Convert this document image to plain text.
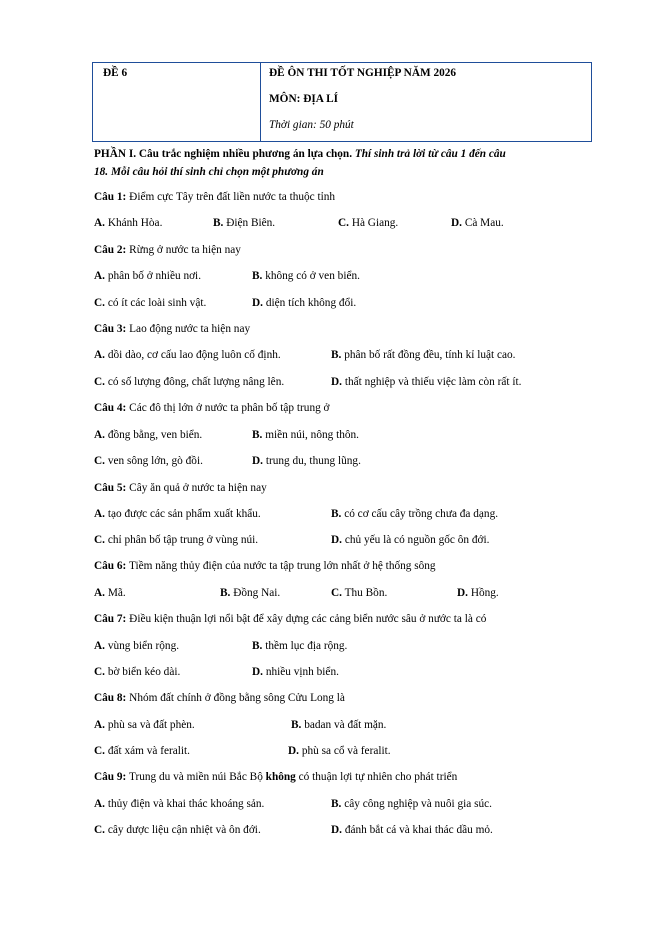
ĐỀ 6	ĐỀ ÔN THI TỐT NGHIỆP NĂM 2026
MÔN: ĐỊA LÍ
Thời gian: 50 phút
PHẦN I. Câu trắc nghiệm nhiều phương án lựa chọn. Thí sinh trả lời từ câu 1 đến câu
18. Mỗi câu hỏi thí sinh chỉ chọn một phương án
Câu 1: Điểm cực Tây trên đất liền nước ta thuộc tỉnh
A. Khánh Hòa.	B. Điện Biên.	C. Hà Giang.	D. Cà Mau.
Câu 2: Rừng ở nước ta hiện nay
A. phân bố ở nhiều nơi.	B. không có ở ven biển.
C. có ít các loài sinh vật.	D. diện tích không đổi.
Câu 3: Lao động nước ta hiện nay
A. dồi dào, cơ cấu lao động luôn cố định.	B. phân bố rất đồng đều, tính kỉ luật cao.
C. có số lượng đông, chất lượng nâng lên.	D. thất nghiệp và thiếu việc làm còn rất ít.
Câu 4: Các đô thị lớn ở nước ta phân bố tập trung ở
A. đồng bằng, ven biển.	B. miền núi, nông thôn.
C. ven sông lớn, gò đồi.	D. trung du, thung lũng.
Câu 5: Cây ăn quả ở nước ta hiện nay
A. tạo được các sản phẩm xuất khẩu.	B. có cơ cấu cây trồng chưa đa dạng.
C. chỉ phân bố tập trung ở vùng núi.	D. chủ yếu là có nguồn gốc ôn đới.
Câu 6: Tiềm năng thủy điện của nước ta tập trung lớn nhất ở hệ thống sông
A. Mã.	B. Đồng Nai.	C. Thu Bồn.	D. Hồng.
Câu 7: Điều kiện thuận lợi nổi bật để xây dựng các cảng biển nước sâu ở nước ta là có
A. vùng biển rộng.	B. thềm lục địa rộng.
C. bờ biển kéo dài.	D. nhiều vịnh biển.
Câu 8: Nhóm đất chính ở đồng bằng sông Cửu Long là
A. phù sa và đất phèn.	B. badan và đất mặn.
C. đất xám và feralit.	D. phù sa cổ và feralit.
Câu 9: Trung du và miền núi Bắc Bộ không có thuận lợi tự nhiên cho phát triển
A. thủy điện và khai thác khoáng sản.	B. cây công nghiệp và nuôi gia súc.
C. cây dược liệu cận nhiệt và ôn đới.	D. đánh bắt cá và khai thác dầu mỏ.
